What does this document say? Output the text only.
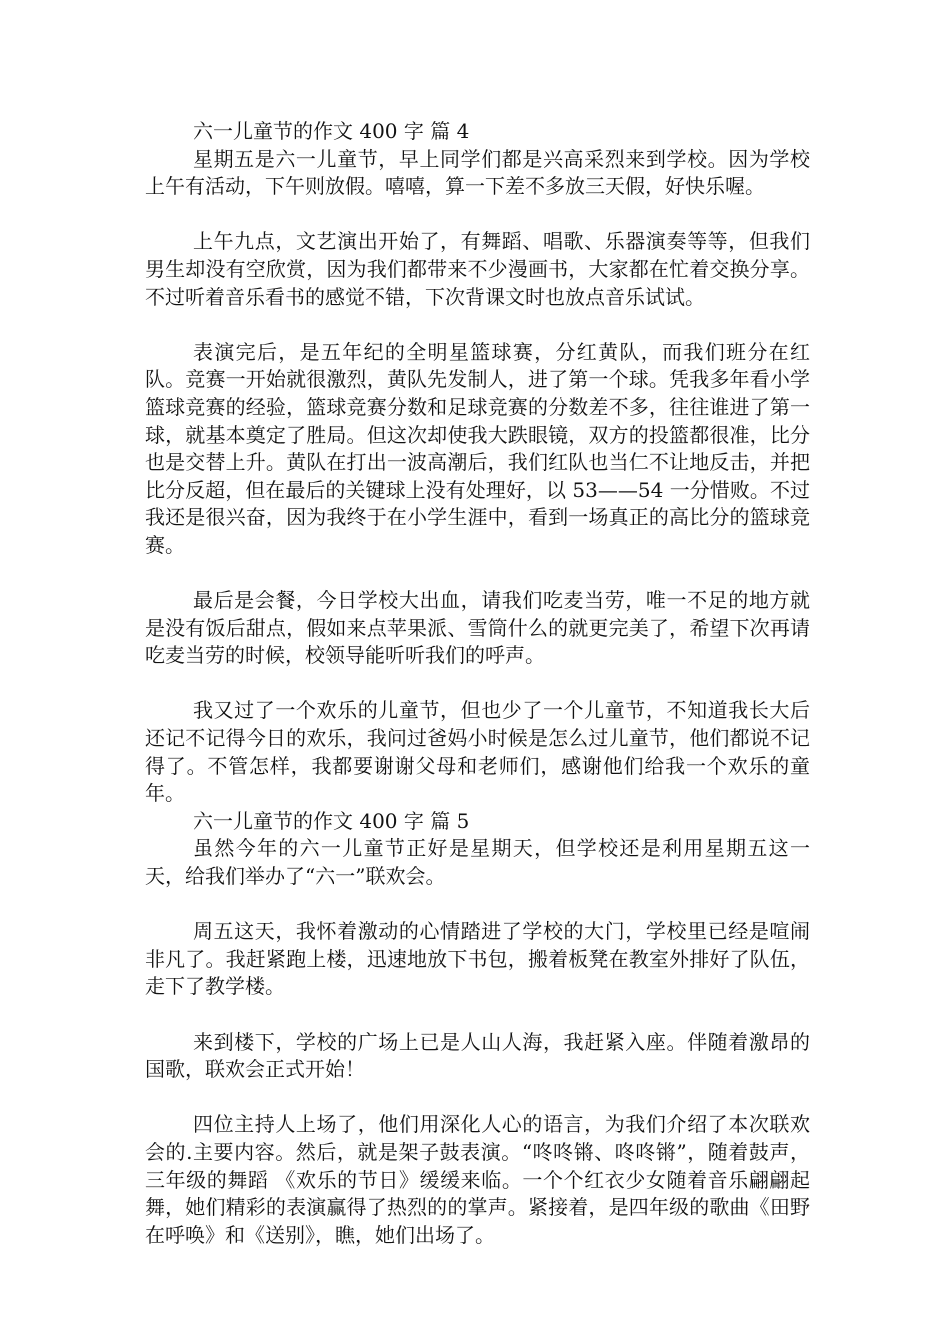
六一儿童节的作文 400 字 篇 4

星期五是六一儿童节，早上同学们都是兴高采烈来到学校。因为学校上午有活动，下午则放假。嘻嘻，算一下差不多放三天假，好快乐喔。

上午九点，文艺演出开始了，有舞蹈、唱歌、乐器演奏等等，但我们男生却没有空欣赏，因为我们都带来不少漫画书，大家都在忙着交换分享。不过听着音乐看书的感觉不错，下次背课文时也放点音乐试试。

表演完后，是五年纪的全明星篮球赛，分红黄队，而我们班分在红队。竞赛一开始就很激烈，黄队先发制人，进了第一个球。凭我多年看小学篮球竞赛的经验，篮球竞赛分数和足球竞赛的分数差不多，往往谁进了第一球，就基本奠定了胜局。但这次却使我大跌眼镜，双方的投篮都很准，比分也是交替上升。黄队在打出一波高潮后，我们红队也当仁不让地反击，并把比分反超，但在最后的关键球上没有处理好，以 53——54 一分惜败。不过我还是很兴奋，因为我终于在小学生涯中，看到一场真正的高比分的篮球竞赛。

最后是会餐，今日学校大出血，请我们吃麦当劳，唯一不足的地方就是没有饭后甜点，假如来点苹果派、雪筒什么的就更完美了，希望下次再请吃麦当劳的时候，校领导能听听我们的呼声。

我又过了一个欢乐的儿童节，但也少了一个儿童节，不知道我长大后还记不记得今日的欢乐，我问过爸妈小时候是怎么过儿童节，他们都说不记得了。不管怎样，我都要谢谢父母和老师们，感谢他们给我一个欢乐的童年。

六一儿童节的作文 400 字 篇 5

虽然今年的六一儿童节正好是星期天，但学校还是利用星期五这一天，给我们举办了“六一”联欢会。

周五这天，我怀着激动的心情踏进了学校的大门，学校里已经是喧闹非凡了。我赶紧跑上楼，迅速地放下书包，搬着板凳在教室外排好了队伍，走下了教学楼。

来到楼下，学校的广场上已是人山人海，我赶紧入座。伴随着激昂的国歌，联欢会正式开始！

四位主持人上场了，他们用深化人心的语言，为我们介绍了本次联欢会的.主要内容。然后，就是架子鼓表演。“咚咚锵、咚咚锵”，随着鼓声，三年级的舞蹈 《欢乐的节日》缓缓来临。一个个红衣少女随着音乐翩翩起舞，她们精彩的表演赢得了热烈的的掌声。紧接着，是四年级的歌曲《田野在呼唤》和《送别》，瞧，她们出场了。
